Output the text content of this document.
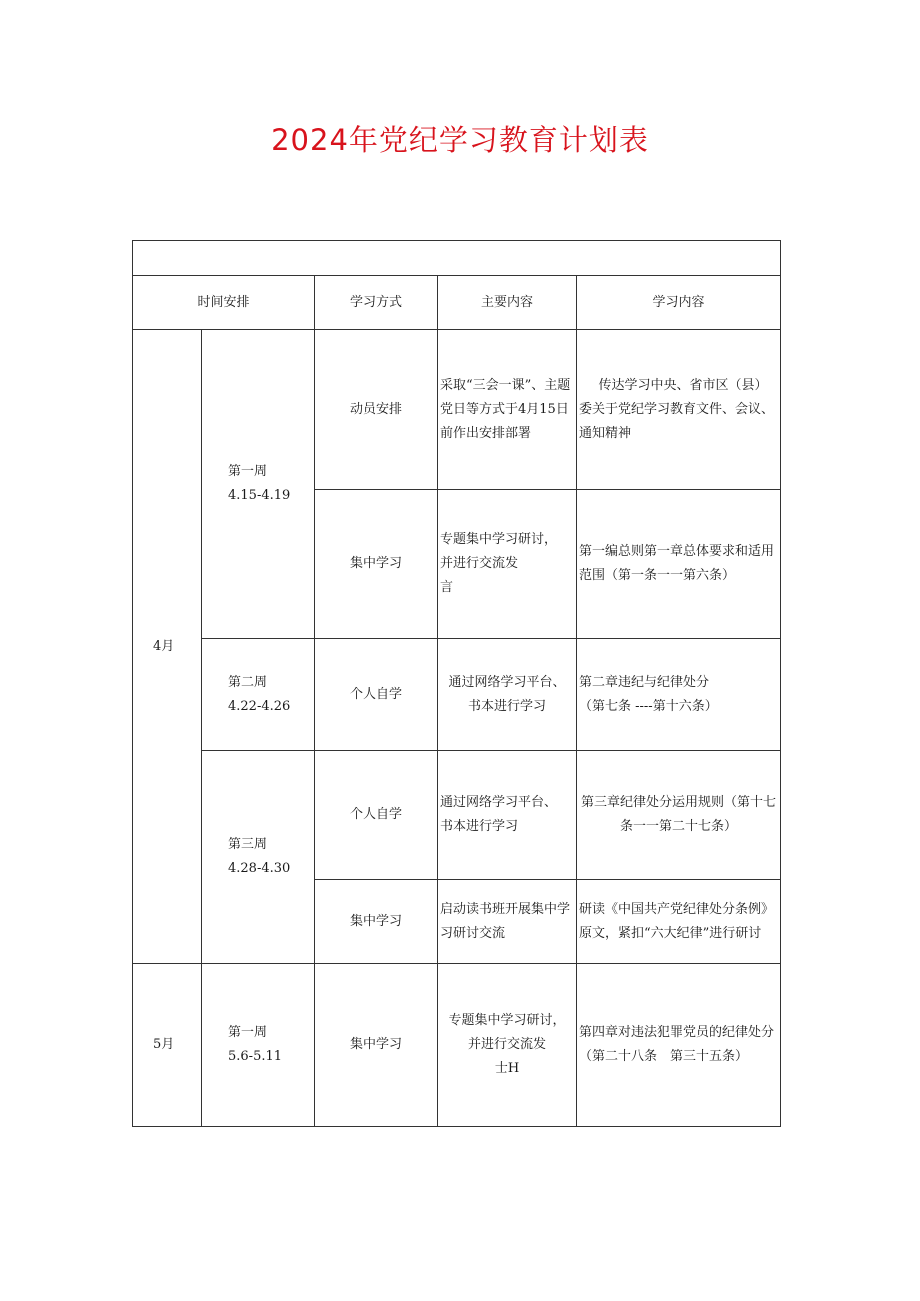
2024年党纪学习教育计划表

时间安排		学习方式	主要内容	学习内容
4月	第一周
4.15-4.19	动员安排	采取“三会一课”、主题党日等方式于4月15日前作出安排部署	传达学习中央、省市区（县）委关于党纪学习教育文件、会议、通知精神
		集中学习	专题集中学习研讨，
并进行交流发
言	第一编总则第一章总体要求和适用范围（第一条一一第六条）
	第二周
4.22-4.26	个人自学	通过网络学习平台、
书本进行学习	第二章违纪与纪律处分
（第七条 ----第十六条）
	第三周
4.28-4.30	个人自学	通过网络学习平台、
书本进行学习	第三章纪律处分运用规则（第十七条一一第二十七条）
		集中学习	启动读书班开展集中学习研讨交流	研读《中国共产党纪律处分条例》原文，紧扣“六大纪律”进行研讨
5月	第一周
5.6-5.11	集中学习	专题集中学习研讨，
并进行交流发
士H	第四章对违法犯罪党员的纪律处分（第二十八条　第三十五条）
